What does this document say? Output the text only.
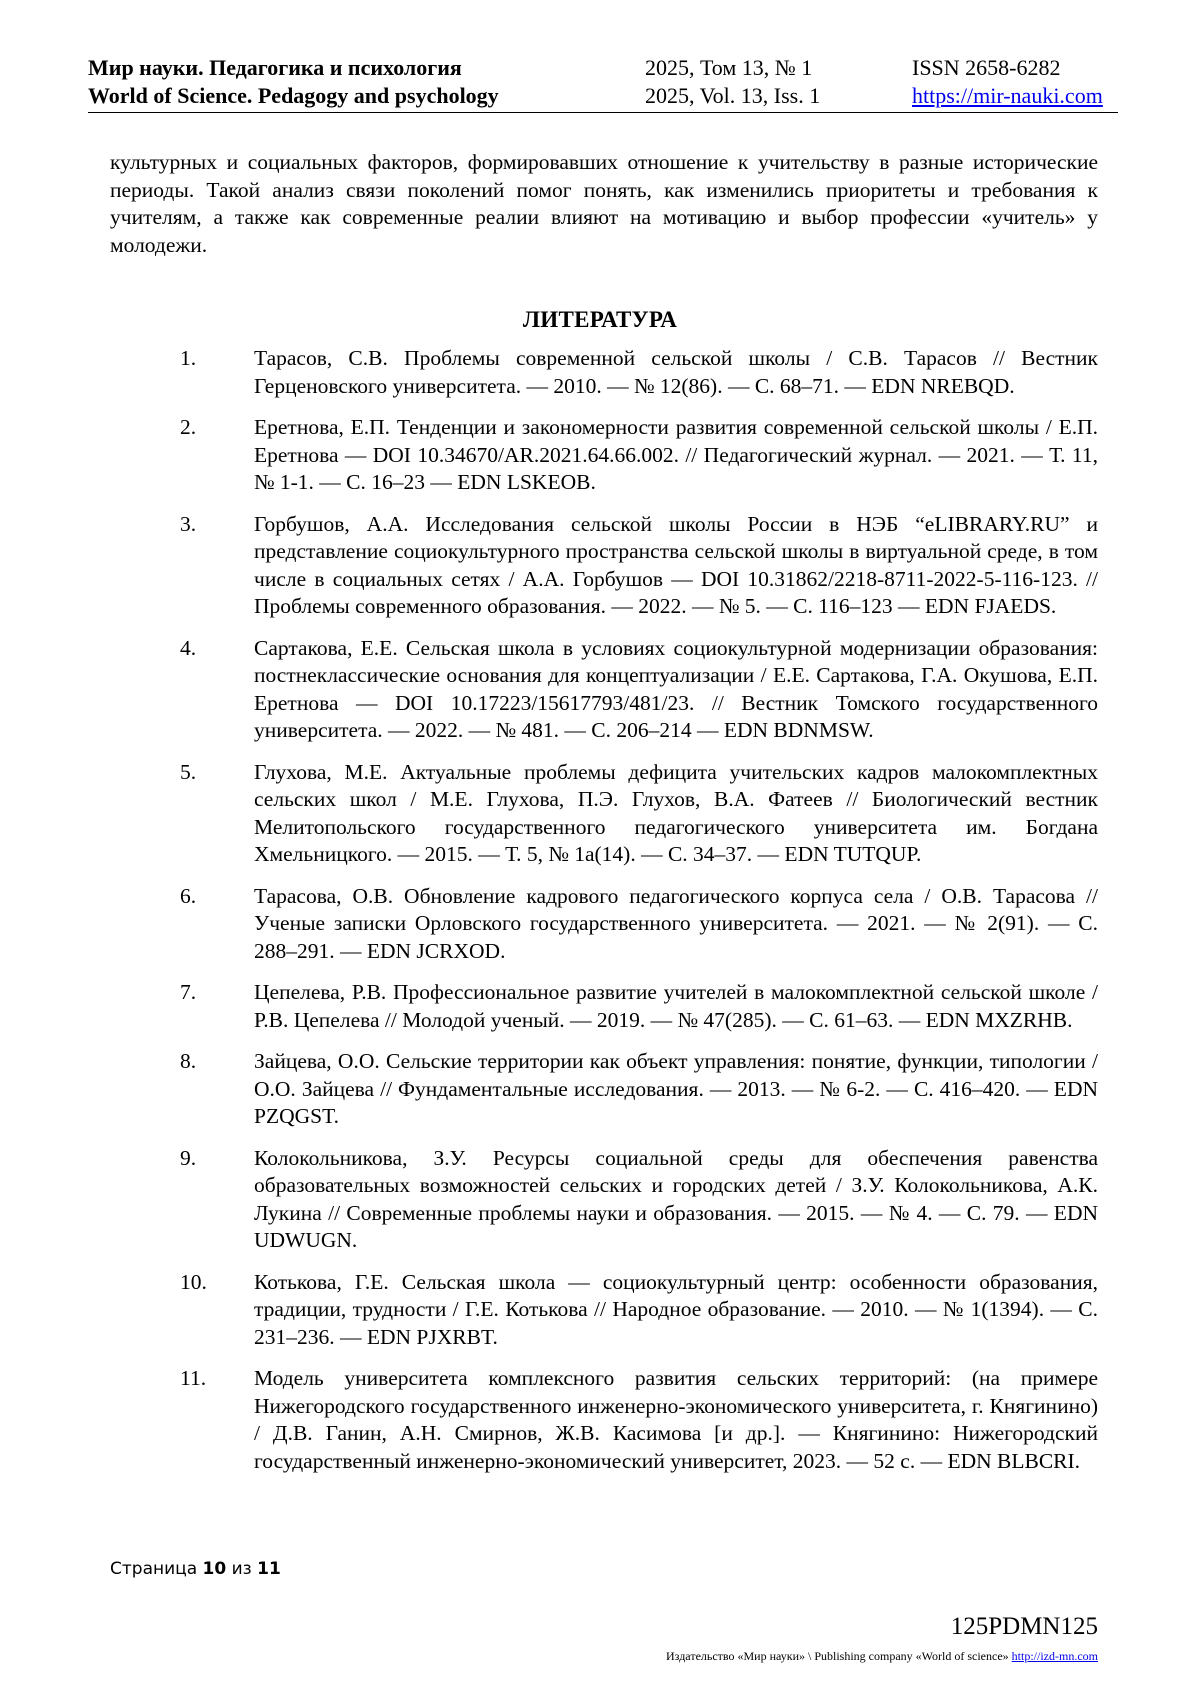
Мир науки. Педагогика и психология	2025, Том 13, № 1	ISSN 2658-6282
World of Science. Pedagogy and psychology	2025, Vol. 13, Iss. 1	https://mir-nauki.com

культурных и социальных факторов, формировавших отношение к учительству в разные исторические периоды. Такой анализ связи поколений помог понять, как изменились приоритеты и требования к учителям, а также как современные реалии влияют на мотивацию и выбор профессии «учитель» у молодежи.

ЛИТЕРАТУРА
1.	Тарасов, С.В. Проблемы современной сельской школы / С.В. Тарасов // Вестник Герценовского университета. — 2010. — № 12(86). — С. 68–71. — EDN NREBQD.
2.	Еретнова, Е.П. Тенденции и закономерности развития современной сельской школы / Е.П. Еретнова — DOI 10.34670/AR.2021.64.66.002. // Педагогический журнал. — 2021. — Т. 11, № 1-1. — С. 16–23 — EDN LSKEOB.
3.	Горбушов, А.А. Исследования сельской школы России в НЭБ “eLIBRARY.RU” и представление социокультурного пространства сельской школы в виртуальной среде, в том числе в социальных сетях / А.А. Горбушов — DOI 10.31862/2218-8711-2022-5-116-123. // Проблемы современного образования. — 2022. — № 5. — С. 116–123 — EDN FJAEDS.
4.	Сартакова, Е.Е. Сельская школа в условиях социокультурной модернизации образования: постнеклассические основания для концептуализации / Е.Е. Сартакова, Г.А. Окушова, Е.П. Еретнова — DOI 10.17223/15617793/481/23. // Вестник Томского государственного университета. — 2022. — № 481. — С. 206–214 — EDN BDNMSW.
5.	Глухова, М.Е. Актуальные проблемы дефицита учительских кадров малокомплектных сельских школ / М.Е. Глухова, П.Э. Глухов, В.А. Фатеев // Биологический вестник Мелитопольского государственного педагогического университета им. Богдана Хмельницкого. — 2015. — Т. 5, № 1а(14). — С. 34–37. — EDN TUTQUP.
6.	Тарасова, О.В. Обновление кадрового педагогического корпуса села / О.В. Тарасова // Ученые записки Орловского государственного университета. — 2021. — № 2(91). — С. 288–291. — EDN JCRXOD.
7.	Цепелева, Р.В. Профессиональное развитие учителей в малокомплектной сельской школе / Р.В. Цепелева // Молодой ученый. — 2019. — № 47(285). — С. 61–63. — EDN MXZRHB.
8.	Зайцева, О.О. Сельские территории как объект управления: понятие, функции, типологии / О.О. Зайцева // Фундаментальные исследования. — 2013. — № 6-2. — С. 416–420. — EDN PZQGST.
9.	Колокольникова, З.У. Ресурсы социальной среды для обеспечения равенства образовательных возможностей сельских и городских детей / З.У. Колокольникова, А.К. Лукина // Современные проблемы науки и образования. — 2015. — № 4. — С. 79. — EDN UDWUGN.
10. Котькова, Г.Е. Сельская школа — социокультурный центр: особенности образования, традиции, трудности / Г.Е. Котькова // Народное образование. — 2010. — № 1(1394). — С. 231–236. — EDN PJXRBT.
11. Модель университета комплексного развития сельских территорий: (на примере Нижегородского государственного инженерно-экономического университета, г. Княгинино) / Д.В. Ганин, А.Н. Смирнов, Ж.В. Касимова [и др.]. — Княгинино: Нижегородский государственный инженерно-экономический университет, 2023. — 52 с. — EDN BLBCRI.
Страница 10 из 11
125PDMN125
Издательство «Мир науки» \ Publishing company «World of science» http://izd-mn.com
